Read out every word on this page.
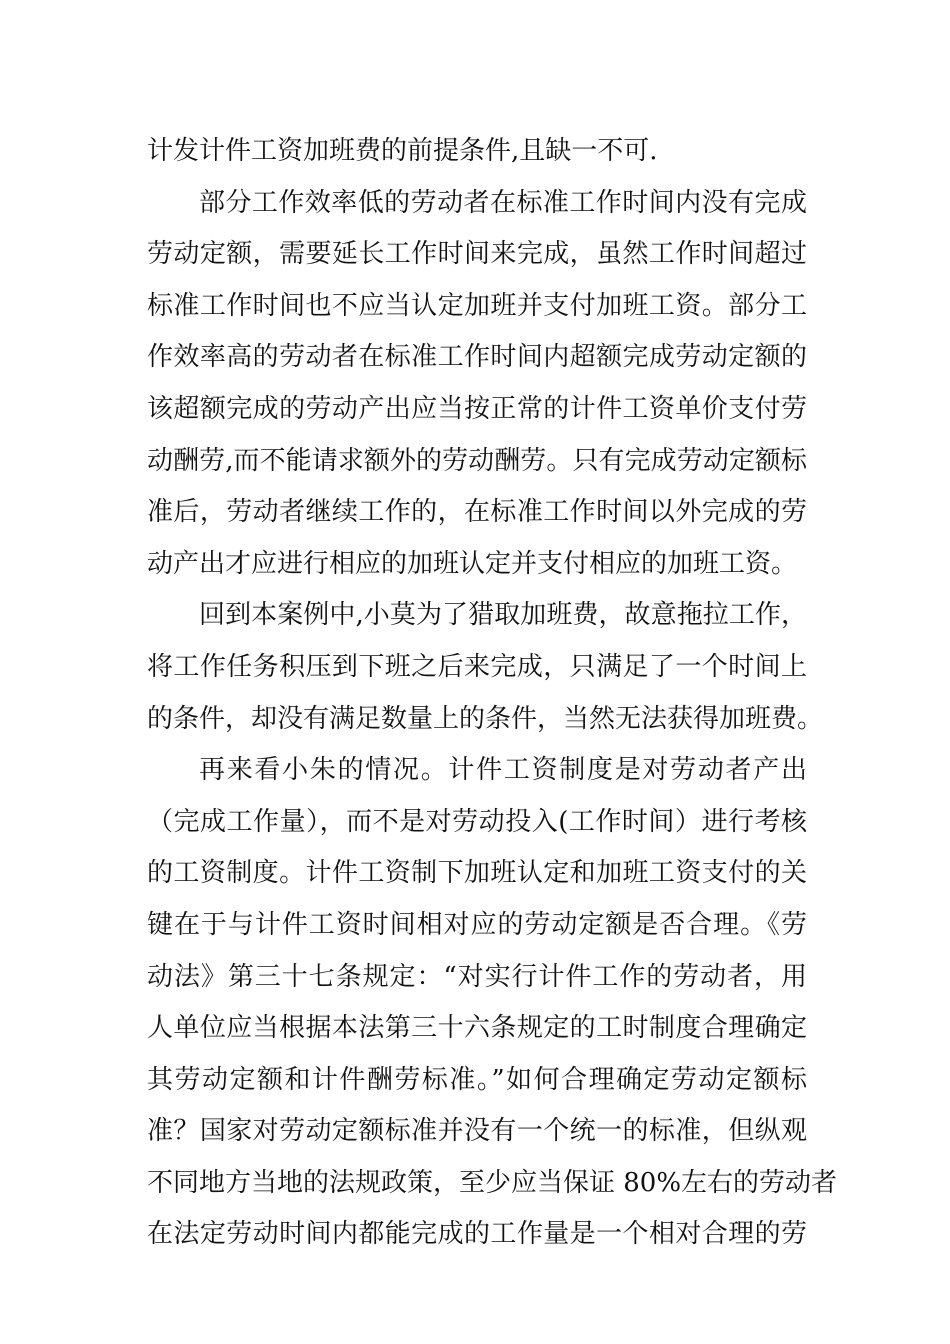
计发计件工资加班费的前提条件,且缺一不可.
部分工作效率低的劳动者在标准工作时间内没有完成
劳动定额，需要延长工作时间来完成，虽然工作时间超过
标准工作时间也不应当认定加班并支付加班工资。部分工
作效率高的劳动者在标准工作时间内超额完成劳动定额的
该超额完成的劳动产出应当按正常的计件工资单价支付劳
动酬劳,而不能请求额外的劳动酬劳。只有完成劳动定额标
准后，劳动者继续工作的，在标准工作时间以外完成的劳
动产出才应进行相应的加班认定并支付相应的加班工资。
回到本案例中,小莫为了猎取加班费，故意拖拉工作，
将工作任务积压到下班之后来完成，只满足了一个时间上
的条件，却没有满足数量上的条件，当然无法获得加班费。
再来看小朱的情况。计件工资制度是对劳动者产出
（完成工作量），而不是对劳动投入(工作时间）进行考核
的工资制度。计件工资制下加班认定和加班工资支付的关
键在于与计件工资时间相对应的劳动定额是否合理。《劳
动法》第三十七条规定：“对实行计件工作的劳动者，用
人单位应当根据本法第三十六条规定的工时制度合理确定
其劳动定额和计件酬劳标准。”如何合理确定劳动定额标
准？国家对劳动定额标准并没有一个统一的标准，但纵观
不同地方当地的法规政策，至少应当保证 80%左右的劳动者
在法定劳动时间内都能完成的工作量是一个相对合理的劳
